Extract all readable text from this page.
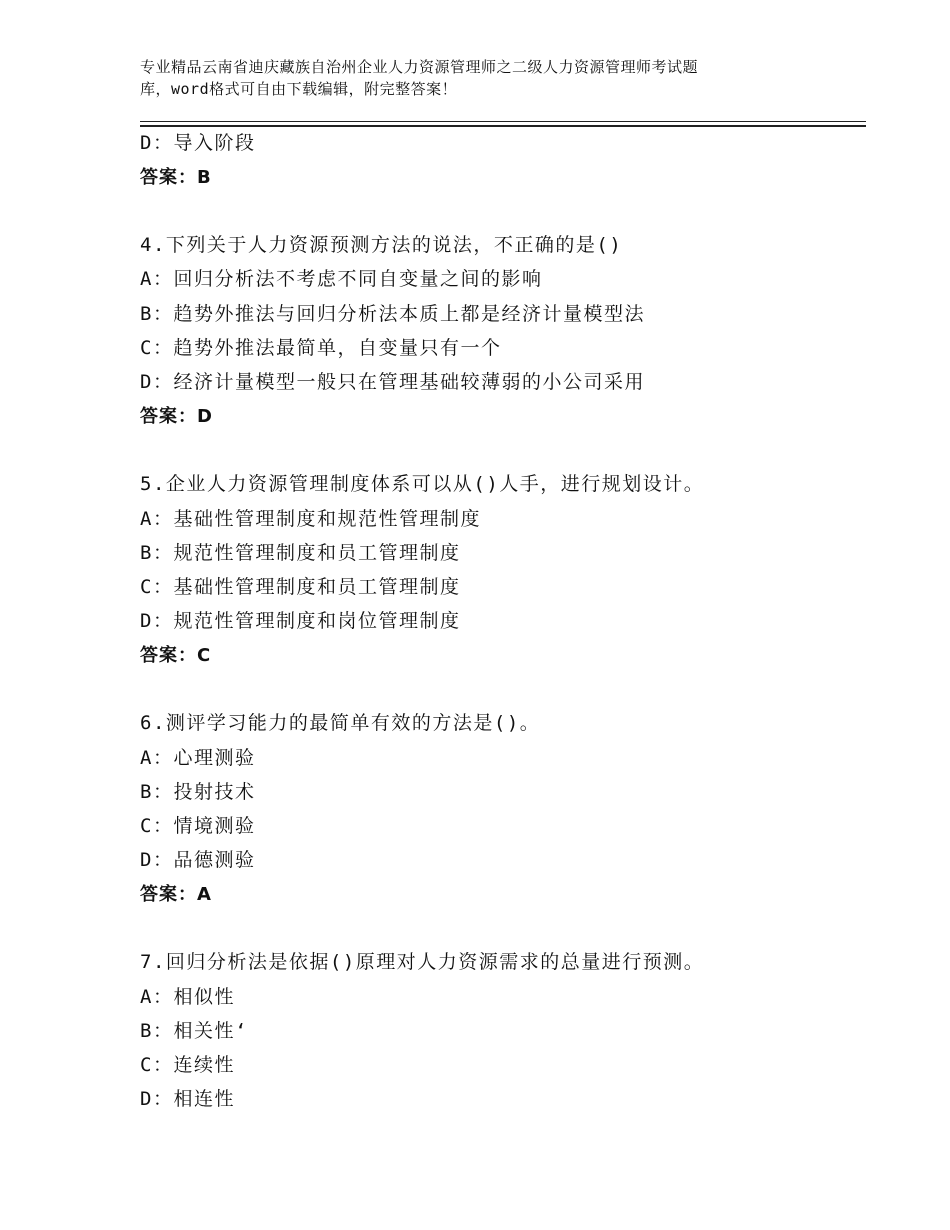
专业精品云南省迪庆藏族自治州企业人力资源管理师之二级人力资源管理师考试题
库，word格式可自由下载编辑，附完整答案！
D：导入阶段
答案：B
4.下列关于人力资源预测方法的说法，不正确的是()
A：回归分析法不考虑不同自变量之间的影响
B：趋势外推法与回归分析法本质上都是经济计量模型法
C：趋势外推法最简单，自变量只有一个
D：经济计量模型一般只在管理基础较薄弱的小公司采用
答案：D
5.企业人力资源管理制度体系可以从()人手，进行规划设计。
A：基础性管理制度和规范性管理制度
B：规范性管理制度和员工管理制度
C：基础性管理制度和员工管理制度
D：规范性管理制度和岗位管理制度
答案：C
6.测评学习能力的最简单有效的方法是()。
A：心理测验
B：投射技术
C：情境测验
D：品德测验
答案：A
7.回归分析法是依据()原理对人力资源需求的总量进行预测。
A：相似性
B：相关性‘
C：连续性
D：相连性
